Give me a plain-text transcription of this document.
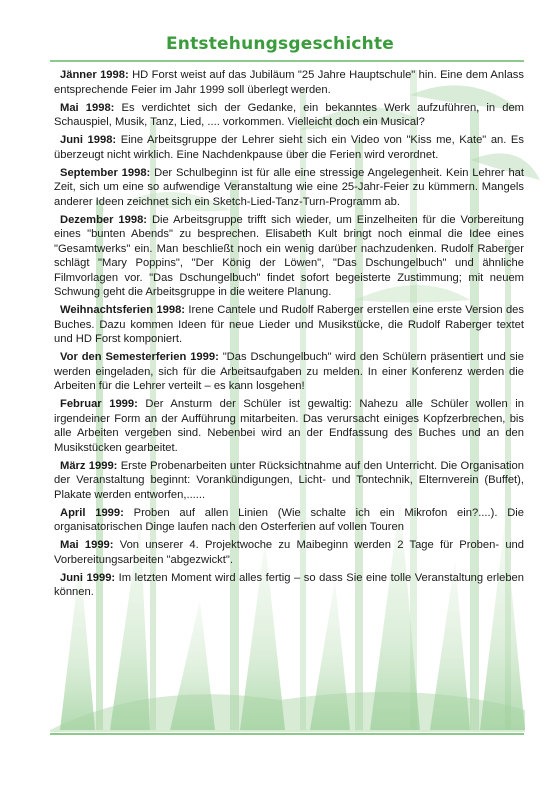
Entstehungsgeschichte

Jänner 1998: HD Forst weist auf das Jubiläum "25 Jahre Hauptschule" hin. Eine dem Anlass entsprechende Feier im Jahr 1999 soll überlegt werden.

Mai 1998: Es verdichtet sich der Gedanke, ein bekanntes Werk aufzuführen, in dem Schauspiel, Musik, Tanz, Lied, .... vorkommen. Vielleicht doch ein Musical?

Juni 1998: Eine Arbeitsgruppe der Lehrer sieht sich ein Video von "Kiss me, Kate" an. Es überzeugt nicht wirklich. Eine Nachdenkpause über die Ferien wird verordnet.

September 1998: Der Schulbeginn ist für alle eine stressige Angelegenheit. Kein Lehrer hat Zeit, sich um eine so aufwendige Veranstaltung wie eine 25-Jahr-Feier zu kümmern. Mangels anderer Ideen zeichnet sich ein Sketch-Lied-Tanz-Turn-Programm ab.

Dezember 1998: Die Arbeitsgruppe trifft sich wieder, um Einzelheiten für die Vorbereitung eines "bunten Abends" zu besprechen. Elisabeth Kult bringt noch einmal die Idee eines "Gesamtwerks" ein. Man beschließt noch ein wenig darüber nachzudenken. Rudolf Raberger schlägt "Mary Poppins", "Der König der Löwen", "Das Dschungelbuch" und ähnliche Filmvorlagen vor. "Das Dschungelbuch" findet sofort begeisterte Zustimmung; mit neuem Schwung geht die Arbeitsgruppe in die weitere Planung.

Weihnachtsferien 1998: Irene Cantele und Rudolf Raberger erstellen eine erste Version des Buches. Dazu kommen Ideen für neue Lieder und Musikstücke, die Rudolf Raberger textet und HD Forst komponiert.

Vor den Semesterferien 1999: "Das Dschungelbuch" wird den Schülern präsentiert und sie werden eingeladen, sich für die Arbeitsaufgaben zu melden. In einer Konferenz werden die Arbeiten für die Lehrer verteilt – es kann losgehen!

Februar 1999: Der Ansturm der Schüler ist gewaltig: Nahezu alle Schüler wollen in irgendeiner Form an der Aufführung mitarbeiten. Das verursacht einiges Kopfzerbrechen, bis alle Arbeiten vergeben sind. Nebenbei wird an der Endfassung des Buches und an den Musikstücken gearbeitet.

März 1999: Erste Probenarbeiten unter Rücksichtnahme auf den Unterricht. Die Organisation der Veranstaltung beginnt: Vorankündigungen, Licht- und Tontechnik, Elternverein (Buffet), Plakate werden entworfen,......

April 1999: Proben auf allen Linien (Wie schalte ich ein Mikrofon ein?....). Die organisatorischen Dinge laufen nach den Osterferien auf vollen Touren

Mai 1999: Von unserer 4. Projektwoche zu Maibeginn werden 2 Tage für Proben- und Vorbereitungsarbeiten "abgezwickt".

Juni 1999: Im letzten Moment wird alles fertig – so dass Sie eine tolle Veranstaltung erleben können.
